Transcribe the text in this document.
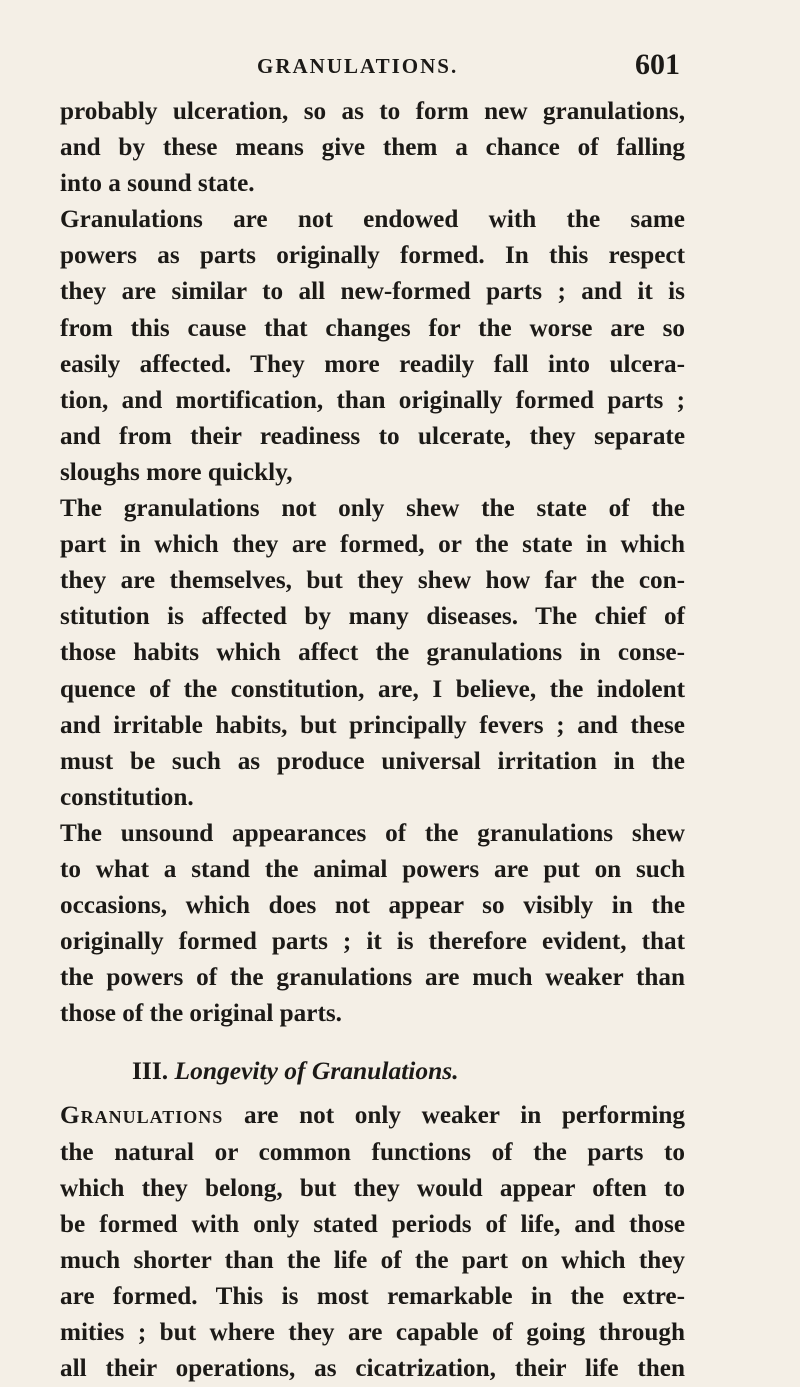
GRANULATIONS.	601
probably ulceration, so as to form new granulations,
and by these means give them a chance of falling
into a sound state.
Granulations are not endowed with the same
powers as parts originally formed. In this respect
they are similar to all new-formed parts ; and it is
from this cause that changes for the worse are so
easily affected. They more readily fall into ulcera-
tion, and mortification, than originally formed parts ;
and from their readiness to ulcerate, they separate
sloughs more quickly,
The granulations not only shew the state of the
part in which they are formed, or the state in which
they are themselves, but they shew how far the con-
stitution is affected by many diseases. The chief of
those habits which affect the granulations in conse-
quence of the constitution, are, I believe, the indolent
and irritable habits, but principally fevers ; and these
must be such as produce universal irritation in the
constitution.
The unsound appearances of the granulations shew
to what a stand the animal powers are put on such
occasions, which does not appear so visibly in the
originally formed parts ; it is therefore evident, that
the powers of the granulations are much weaker than
those of the original parts.
III. Longevity of Granulations.
Granulations are not only weaker in performing
the natural or common functions of the parts to
which they belong, but they would appear often to
be formed with only stated periods of life, and those
much shorter than the life of the part on which they
are formed. This is most remarkable in the extre-
mities ; but where they are capable of going through
all their operations, as cicatrization, their life then
